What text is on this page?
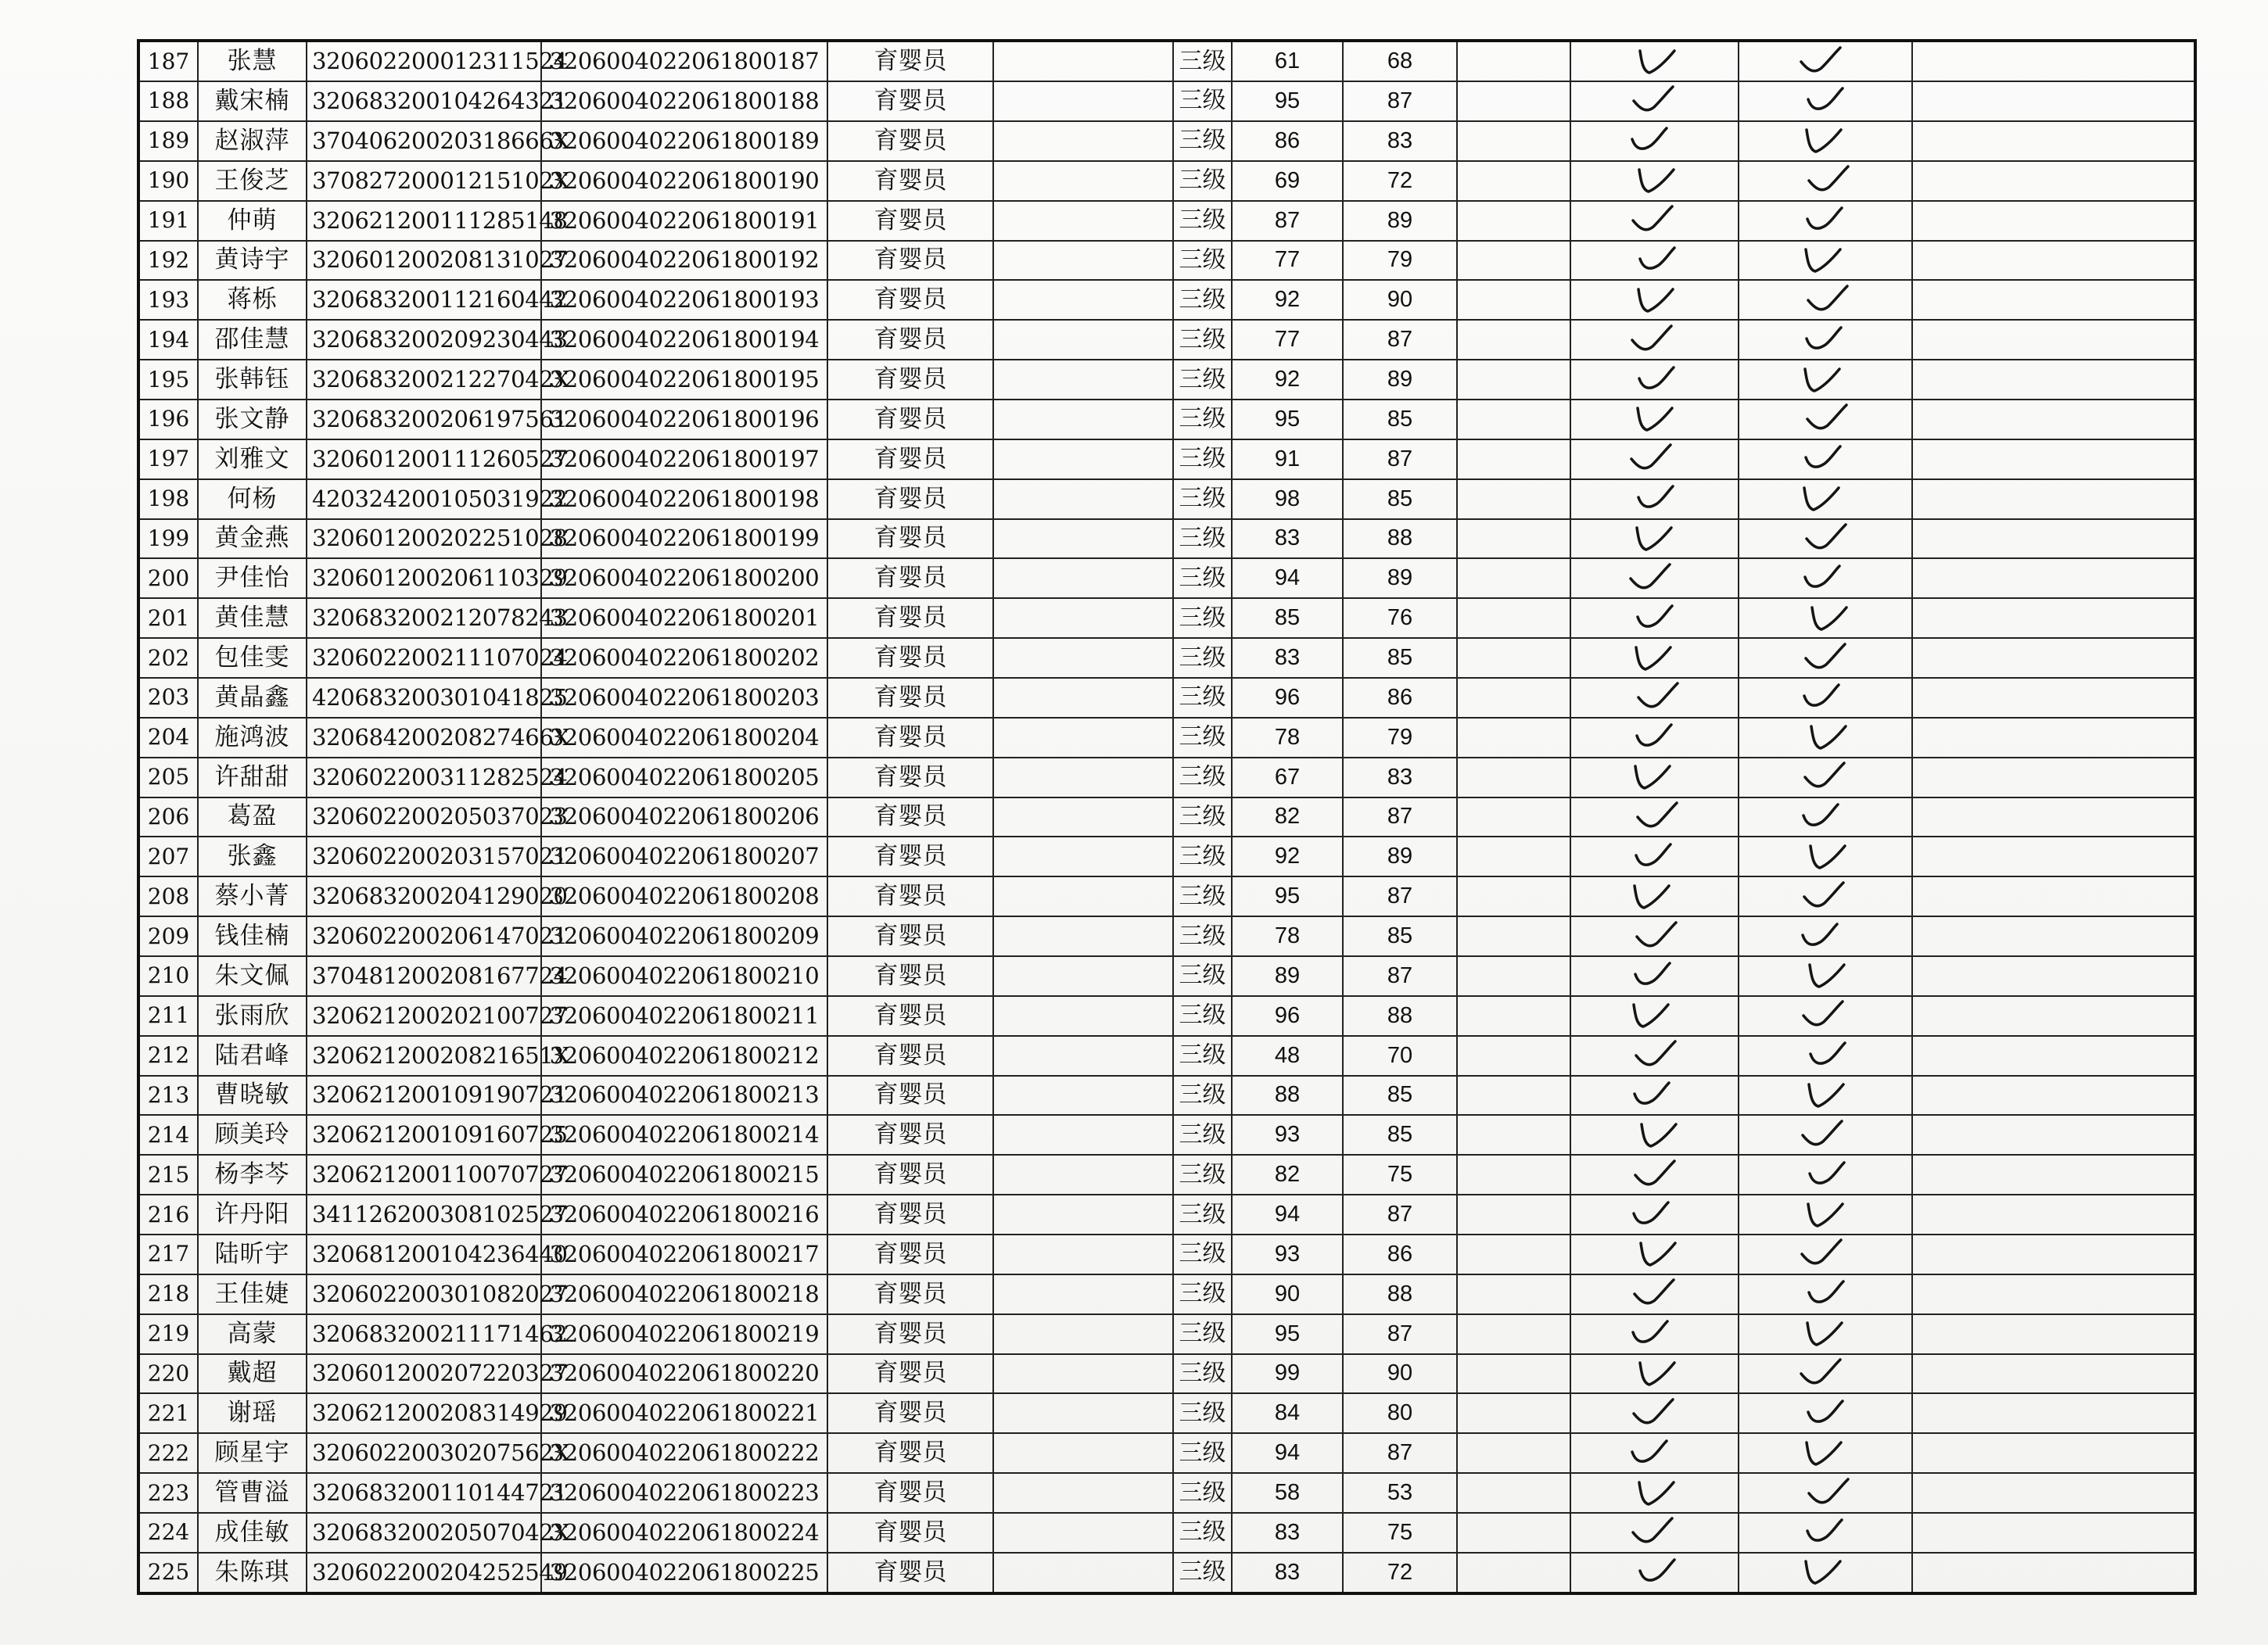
187	张慧	320602200012311524	3206004022061800187	育婴员		三级	61	68		

188	戴宋楠	320683200104264321	3206004022061800188	育婴员		三级	95	87		

189	赵淑萍	37040620020318666X	3206004022061800189	育婴员		三级	86	83		

190	王俊芝	37082720001215102X	3206004022061800190	育婴员		三级	69	72		

191	仲萌	320621200111285148	3206004022061800191	育婴员		三级	87	89		

192	黄诗宇	320601200208131027	3206004022061800192	育婴员		三级	77	79		

193	蒋栎	320683200112160442	3206004022061800193	育婴员		三级	92	90		

194	邵佳慧	320683200209230443	3206004022061800194	育婴员		三级	77	87		

195	张韩钰	32068320021227042X	3206004022061800195	育婴员		三级	92	89		

196	张文静	320683200206197561	3206004022061800196	育婴员		三级	95	85		

197	刘雅文	320601200111260527	3206004022061800197	育婴员		三级	91	87		

198	何杨	420324200105031922	3206004022061800198	育婴员		三级	98	85		

199	黄金燕	320601200202251028	3206004022061800199	育婴员		三级	83	88		

200	尹佳怡	320601200206110329	3206004022061800200	育婴员		三级	94	89		

201	黄佳慧	320683200212078243	3206004022061800201	育婴员		三级	85	76		

202	包佳雯	320602200211107024	3206004022061800202	育婴员		三级	83	85		

203	黄晶鑫	420683200301041825	3206004022061800203	育婴员		三级	96	86		

204	施鸿波	32068420020827466X	3206004022061800204	育婴员		三级	78	79		

205	许甜甜	320602200311282524	3206004022061800205	育婴员		三级	67	83		

206	葛盈	320602200205037023	3206004022061800206	育婴员		三级	82	87		

207	张鑫	320602200203157021	3206004022061800207	育婴员		三级	92	89		

208	蔡小菁	320683200204129020	3206004022061800208	育婴员		三级	95	87		

209	钱佳楠	320602200206147021	3206004022061800209	育婴员		三级	78	85		

210	朱文佩	370481200208167724	3206004022061800210	育婴员		三级	89	87		

211	张雨欣	320621200202100727	3206004022061800211	育婴员		三级	96	88		

212	陆君峰	32062120020821651X	3206004022061800212	育婴员		三级	48	70		

213	曹晓敏	320621200109190721	3206004022061800213	育婴员		三级	88	85		

214	顾美玲	320621200109160725	3206004022061800214	育婴员		三级	93	85		

215	杨李芩	320621200110070727	3206004022061800215	育婴员		三级	82	75		

216	许丹阳	341126200308102527	3206004022061800216	育婴员		三级	94	87		

217	陆昕宇	320681200104236440	3206004022061800217	育婴员		三级	93	86		

218	王佳婕	320602200301082027	3206004022061800218	育婴员		三级	90	88		

219	高蒙	320683200211171462	3206004022061800219	育婴员		三级	95	87		

220	戴超	320601200207220327	3206004022061800220	育婴员		三级	99	90		

221	谢瑶	320621200208314929	3206004022061800221	育婴员		三级	84	80		

222	顾星宇	32060220030207562X	3206004022061800222	育婴员		三级	94	87		

223	管曹溢	320683200110144721	3206004022061800223	育婴员		三级	58	53		

224	成佳敏	32068320020507042X	3206004022061800224	育婴员		三级	83	75		

225	朱陈琪	320602200204252549	3206004022061800225	育婴员		三级	83	72		
